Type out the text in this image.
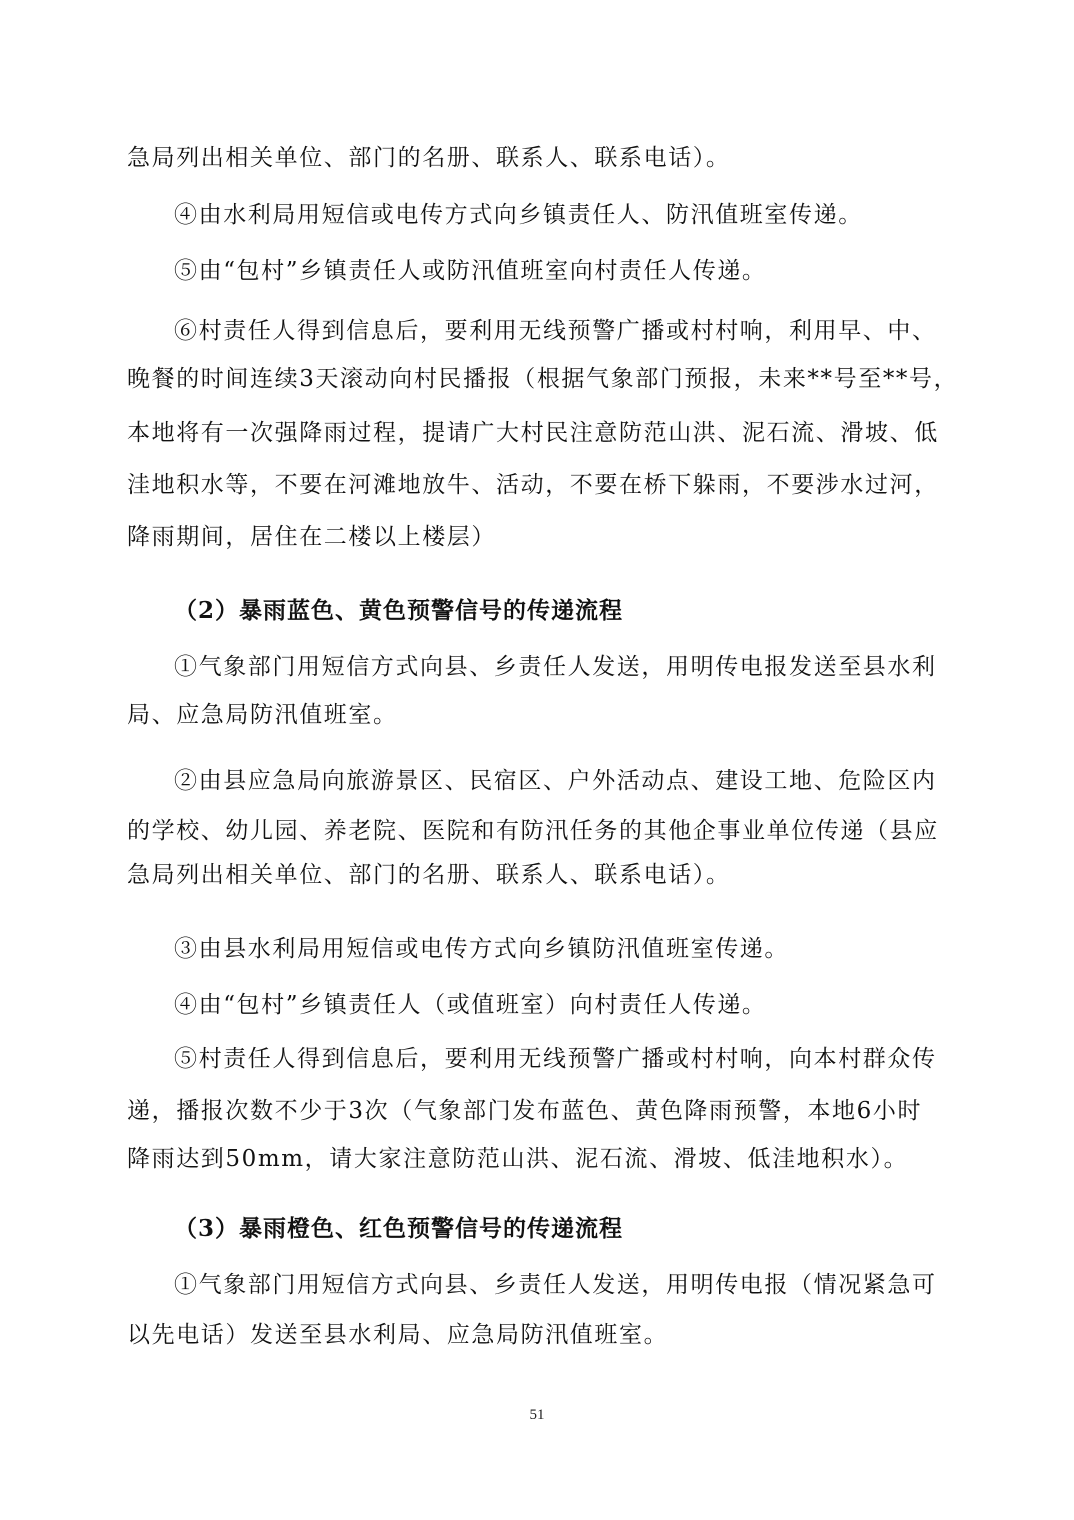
急局列出相关单位、部门的名册、联系人、联系电话）。
④由水利局用短信或电传方式向乡镇责任人、防汛值班室传递。
⑤由“包村”乡镇责任人或防汛值班室向村责任人传递。
⑥村责任人得到信息后，要利用无线预警广播或村村响，利用早、中、
晚餐的时间连续3天滚动向村民播报（根据气象部门预报，未来**号至**号，
本地将有一次强降雨过程，提请广大村民注意防范山洪、泥石流、滑坡、低
洼地积水等，不要在河滩地放牛、活动，不要在桥下躲雨，不要涉水过河，
降雨期间，居住在二楼以上楼层）
（2）暴雨蓝色、黄色预警信号的传递流程
①气象部门用短信方式向县、乡责任人发送，用明传电报发送至县水利
局、应急局防汛值班室。
②由县应急局向旅游景区、民宿区、户外活动点、建设工地、危险区内
的学校、幼儿园、养老院、医院和有防汛任务的其他企事业单位传递（县应
急局列出相关单位、部门的名册、联系人、联系电话）。
③由县水利局用短信或电传方式向乡镇防汛值班室传递。
④由“包村”乡镇责任人（或值班室）向村责任人传递。
⑤村责任人得到信息后，要利用无线预警广播或村村响，向本村群众传
递，播报次数不少于3次（气象部门发布蓝色、黄色降雨预警，本地6小时
降雨达到50mm，请大家注意防范山洪、泥石流、滑坡、低洼地积水）。
（3）暴雨橙色、红色预警信号的传递流程
①气象部门用短信方式向县、乡责任人发送，用明传电报（情况紧急可
以先电话）发送至县水利局、应急局防汛值班室。
51
